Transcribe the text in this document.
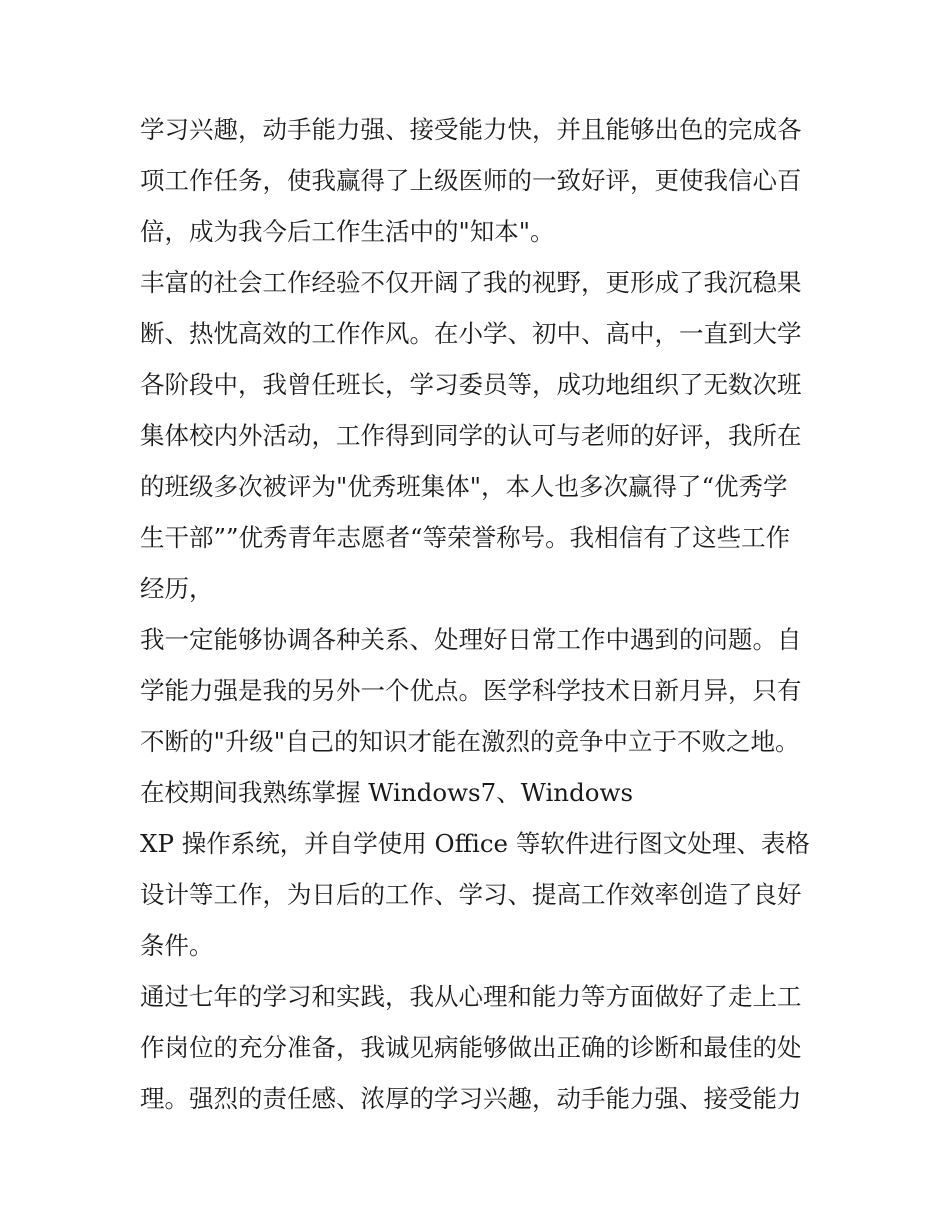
学习兴趣，动手能力强、接受能力快，并且能够出色的完成各
项工作任务，使我赢得了上级医师的一致好评，更使我信心百
倍，成为我今后工作生活中的"知本"。
丰富的社会工作经验不仅开阔了我的视野，更形成了我沉稳果
断、热忱高效的工作作风。在小学、初中、高中，一直到大学
各阶段中，我曾任班长，学习委员等，成功地组织了无数次班
集体校内外活动，工作得到同学的认可与老师的好评，我所在
的班级多次被评为"优秀班集体"，本人也多次赢得了“优秀学
生干部””优秀青年志愿者“等荣誉称号。我相信有了这些工作
经历，
我一定能够协调各种关系、处理好日常工作中遇到的问题。自
学能力强是我的另外一个优点。医学科学技术日新月异，只有
不断的"升级"自己的知识才能在激烈的竞争中立于不败之地。
在校期间我熟练掌握 Windows7、Windows
XP 操作系统，并自学使用 Office 等软件进行图文处理、表格
设计等工作，为日后的工作、学习、提高工作效率创造了良好
条件。
通过七年的学习和实践，我从心理和能力等方面做好了走上工
作岗位的充分准备，我诚见病能够做出正确的诊断和最佳的处
理。强烈的责任感、浓厚的学习兴趣，动手能力强、接受能力
